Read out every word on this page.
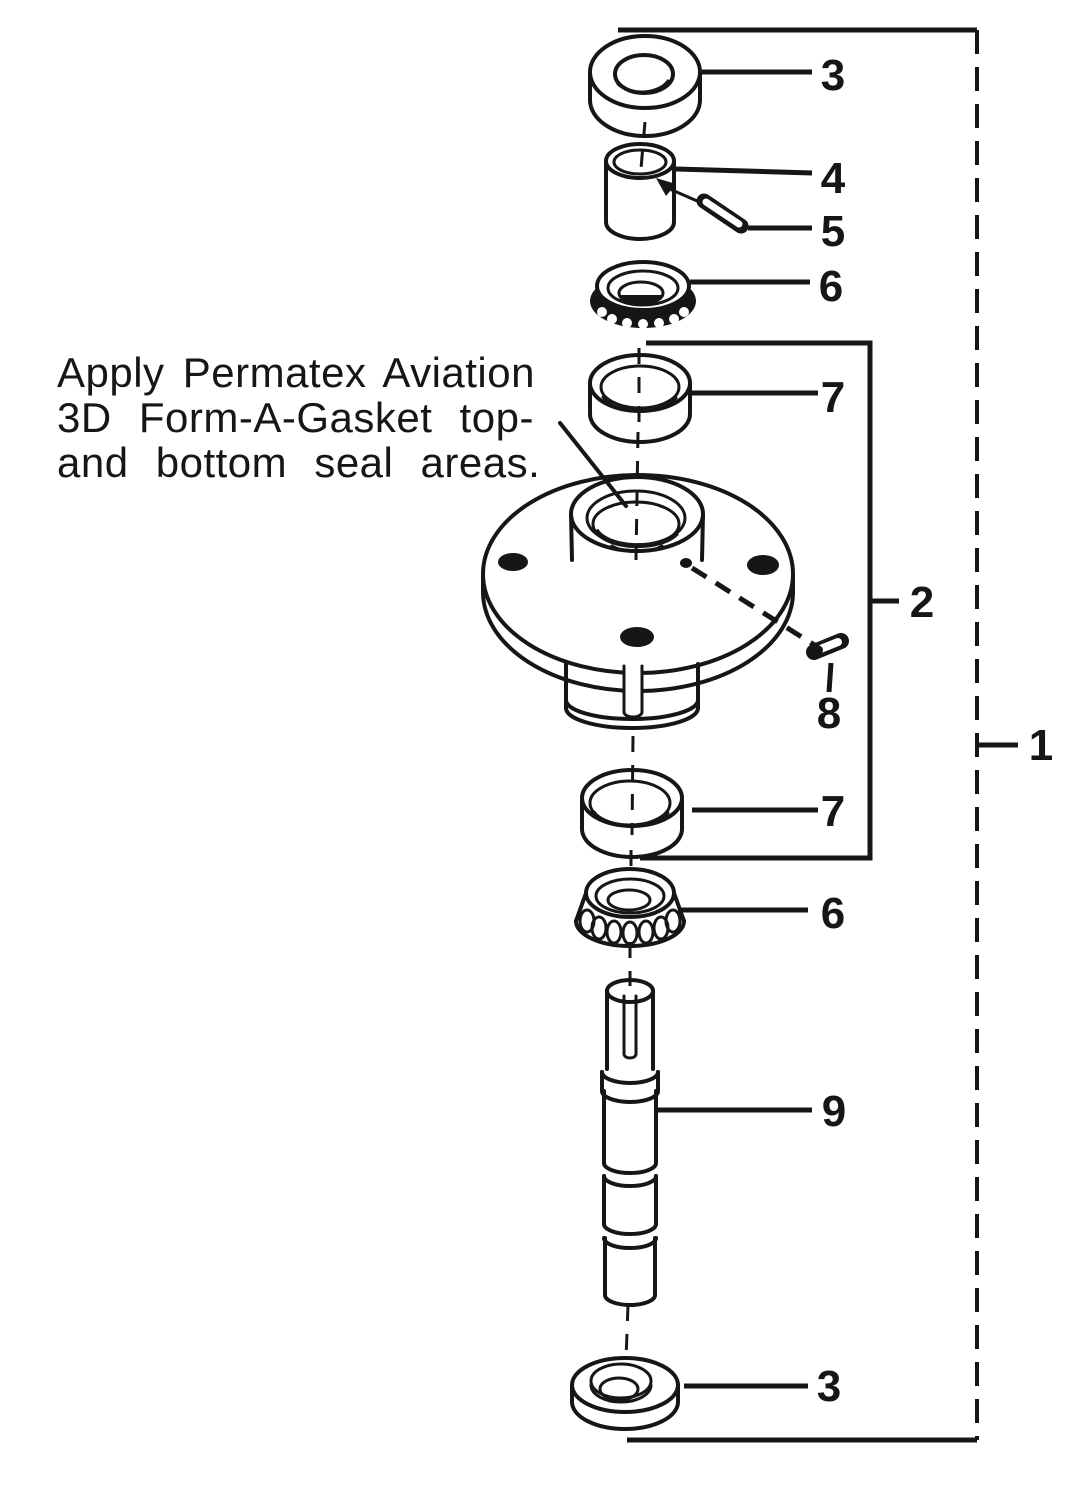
3
4
5
6
7
2
8
1
7
6
9
3
Apply Permatex Aviation
3D Form-A-Gasket top-
and bottom seal areas.
